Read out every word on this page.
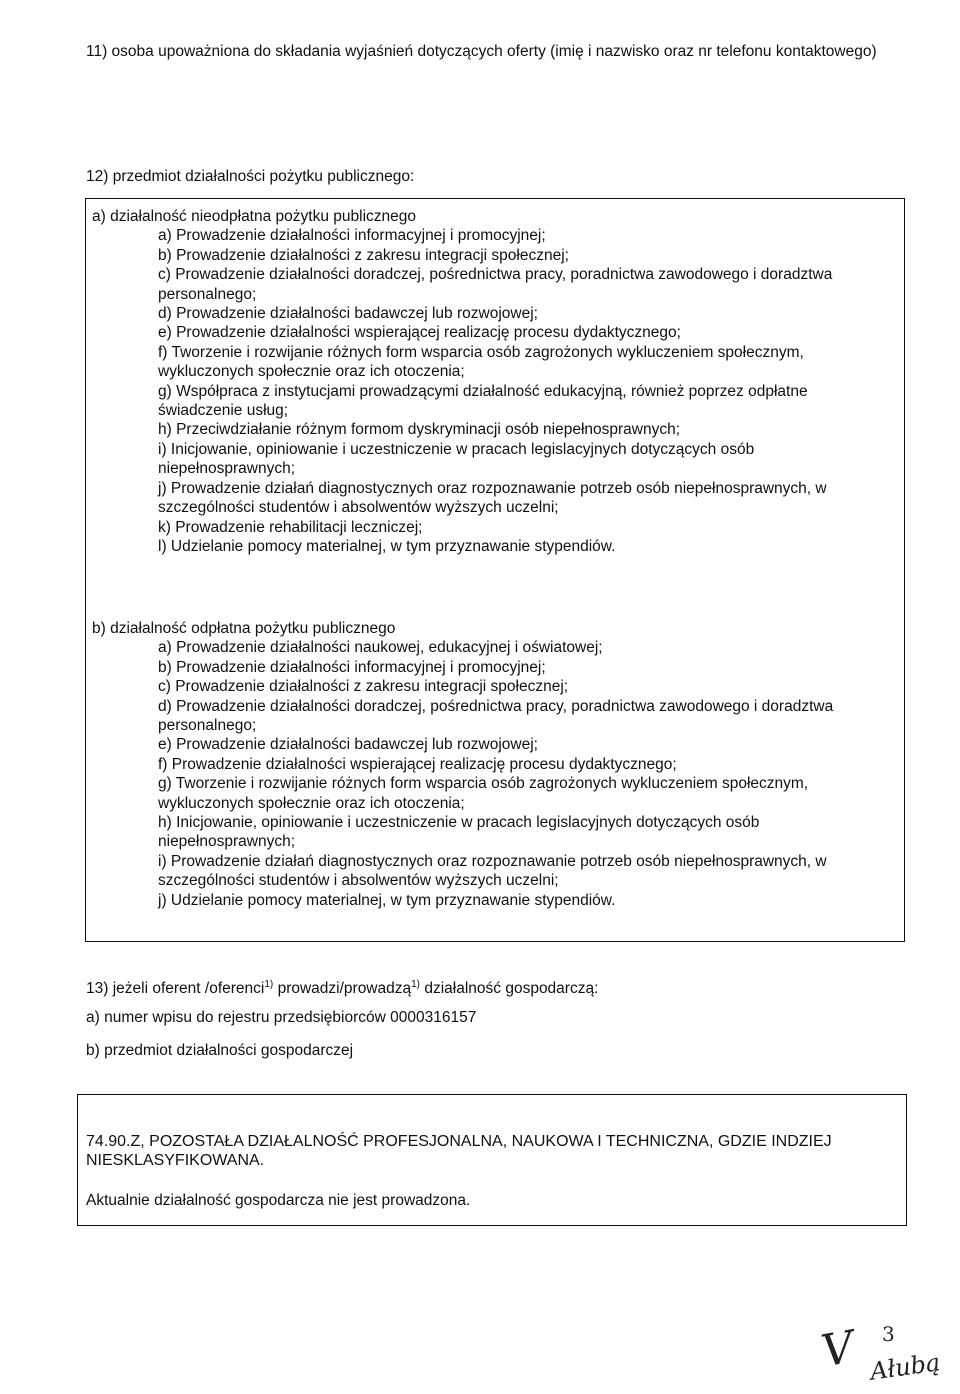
11) osoba upoważniona do składania wyjaśnień dotyczących oferty (imię i nazwisko oraz nr telefonu kontaktowego)

12) przedmiot działalności pożytku publicznego:

a) działalność nieodpłatna pożytku publicznego

a) Prowadzenie działalności informacyjnej i promocyjnej;
b) Prowadzenie działalności z zakresu integracji społecznej;
c) Prowadzenie działalności doradczej, pośrednictwa pracy, poradnictwa zawodowego i doradztwa personalnego;
d) Prowadzenie działalności badawczej lub rozwojowej;
e) Prowadzenie działalności wspierającej realizację procesu dydaktycznego;
f) Tworzenie i rozwijanie różnych form wsparcia osób zagrożonych wykluczeniem społecznym, wykluczonych społecznie oraz ich otoczenia;
g) Współpraca z instytucjami prowadzącymi działalność edukacyjną, również poprzez odpłatne świadczenie usług;
h) Przeciwdziałanie różnym formom dyskryminacji osób niepełnosprawnych;
i) Inicjowanie, opiniowanie i uczestniczenie w pracach legislacyjnych dotyczących osób niepełnosprawnych;
j) Prowadzenie działań diagnostycznych oraz rozpoznawanie potrzeb osób niepełnosprawnych, w szczególności studentów i absolwentów wyższych uczelni;
k) Prowadzenie rehabilitacji leczniczej;
l) Udzielanie pomocy materialnej, w tym przyznawanie stypendiów.

b) działalność odpłatna pożytku publicznego

a) Prowadzenie działalności naukowej, edukacyjnej i oświatowej;
b) Prowadzenie działalności informacyjnej i promocyjnej;
c) Prowadzenie działalności z zakresu integracji społecznej;
d) Prowadzenie działalności doradczej, pośrednictwa pracy, poradnictwa zawodowego i doradztwa personalnego;
e) Prowadzenie działalności badawczej lub rozwojowej;
f) Prowadzenie działalności wspierającej realizację procesu dydaktycznego;
g) Tworzenie i rozwijanie różnych form wsparcia osób zagrożonych wykluczeniem społecznym, wykluczonych społecznie oraz ich otoczenia;
h) Inicjowanie, opiniowanie i uczestniczenie w pracach legislacyjnych dotyczących osób niepełnosprawnych;
i) Prowadzenie działań diagnostycznych oraz rozpoznawanie potrzeb osób niepełnosprawnych, w szczególności studentów i absolwentów wyższych uczelni;
j) Udzielanie pomocy materialnej, w tym przyznawanie stypendiów.

13) jeżeli oferent /oferenci$^{1)}$ prowadzi/prowadzą$^{1)}$ działalność gospodarczą:

a) numer wpisu do rejestru przedsiębiorców 0000316157

b) przedmiot działalności gospodarczej

74.90.Z, POZOSTAŁA DZIAŁALNOŚĆ PROFESJONALNA, NAUKOWA I TECHNICZNA, GDZIE INDZIEJ NIESKLASYFIKOWANA.

Aktualnie działalność gospodarcza nie jest prowadzona.

V 3
Ałubą
